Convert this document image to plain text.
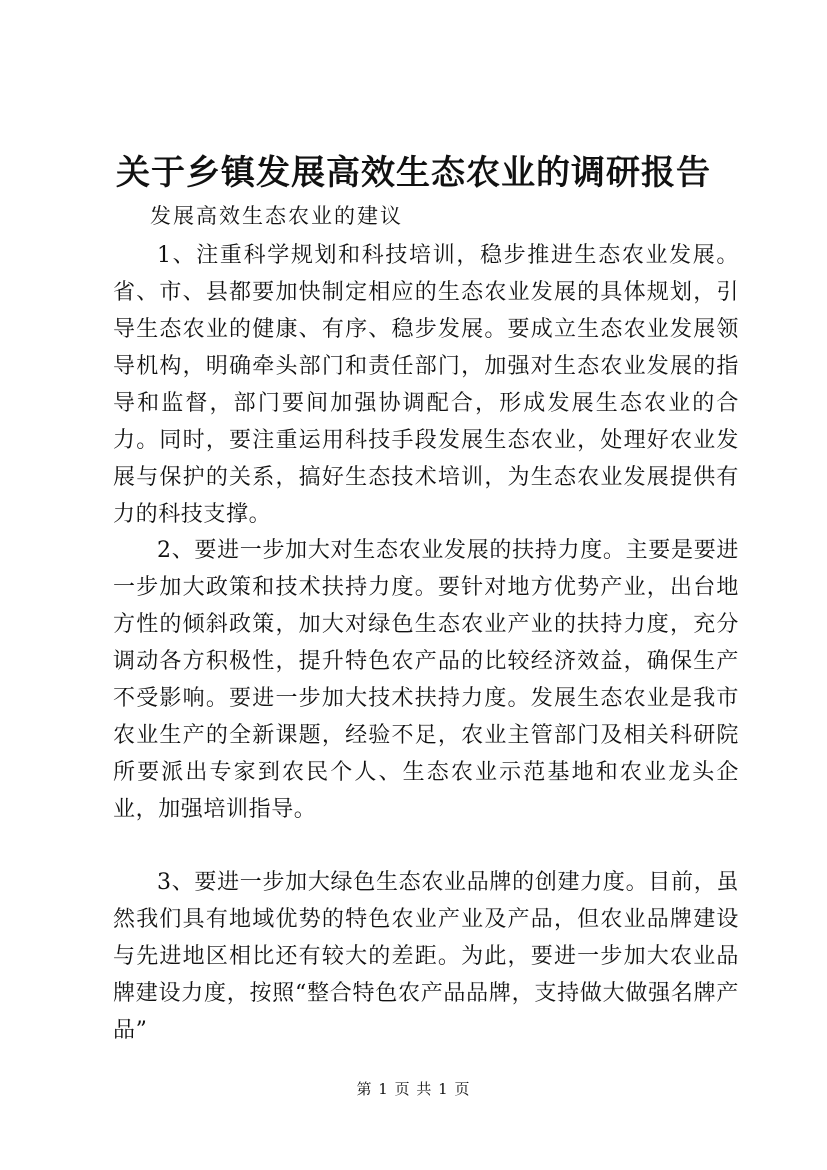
关于乡镇发展高效生态农业的调研报告
发展高效生态农业的建议

1、注重科学规划和科技培训，稳步推进生态农业发展。省、市、县都要加快制定相应的生态农业发展的具体规划，引导生态农业的健康、有序、稳步发展。要成立生态农业发展领导机构，明确牵头部门和责任部门，加强对生态农业发展的指导和监督，部门要间加强协调配合，形成发展生态农业的合力。同时，要注重运用科技手段发展生态农业，处理好农业发展与保护的关系，搞好生态技术培训，为生态农业发展提供有力的科技支撑。

2、要进一步加大对生态农业发展的扶持力度。主要是要进一步加大政策和技术扶持力度。要针对地方优势产业，出台地方性的倾斜政策，加大对绿色生态农业产业的扶持力度，充分调动各方积极性，提升特色农产品的比较经济效益，确保生产不受影响。要进一步加大技术扶持力度。发展生态农业是我市农业生产的全新课题，经验不足，农业主管部门及相关科研院所要派出专家到农民个人、生态农业示范基地和农业龙头企业，加强培训指导。

3、要进一步加大绿色生态农业品牌的创建力度。目前，虽然我们具有地域优势的特色农业产业及产品，但农业品牌建设与先进地区相比还有较大的差距。为此，要进一步加大农业品牌建设力度，按照“整合特色农产品品牌，支持做大做强名牌产品”

第 1 页 共 1 页
